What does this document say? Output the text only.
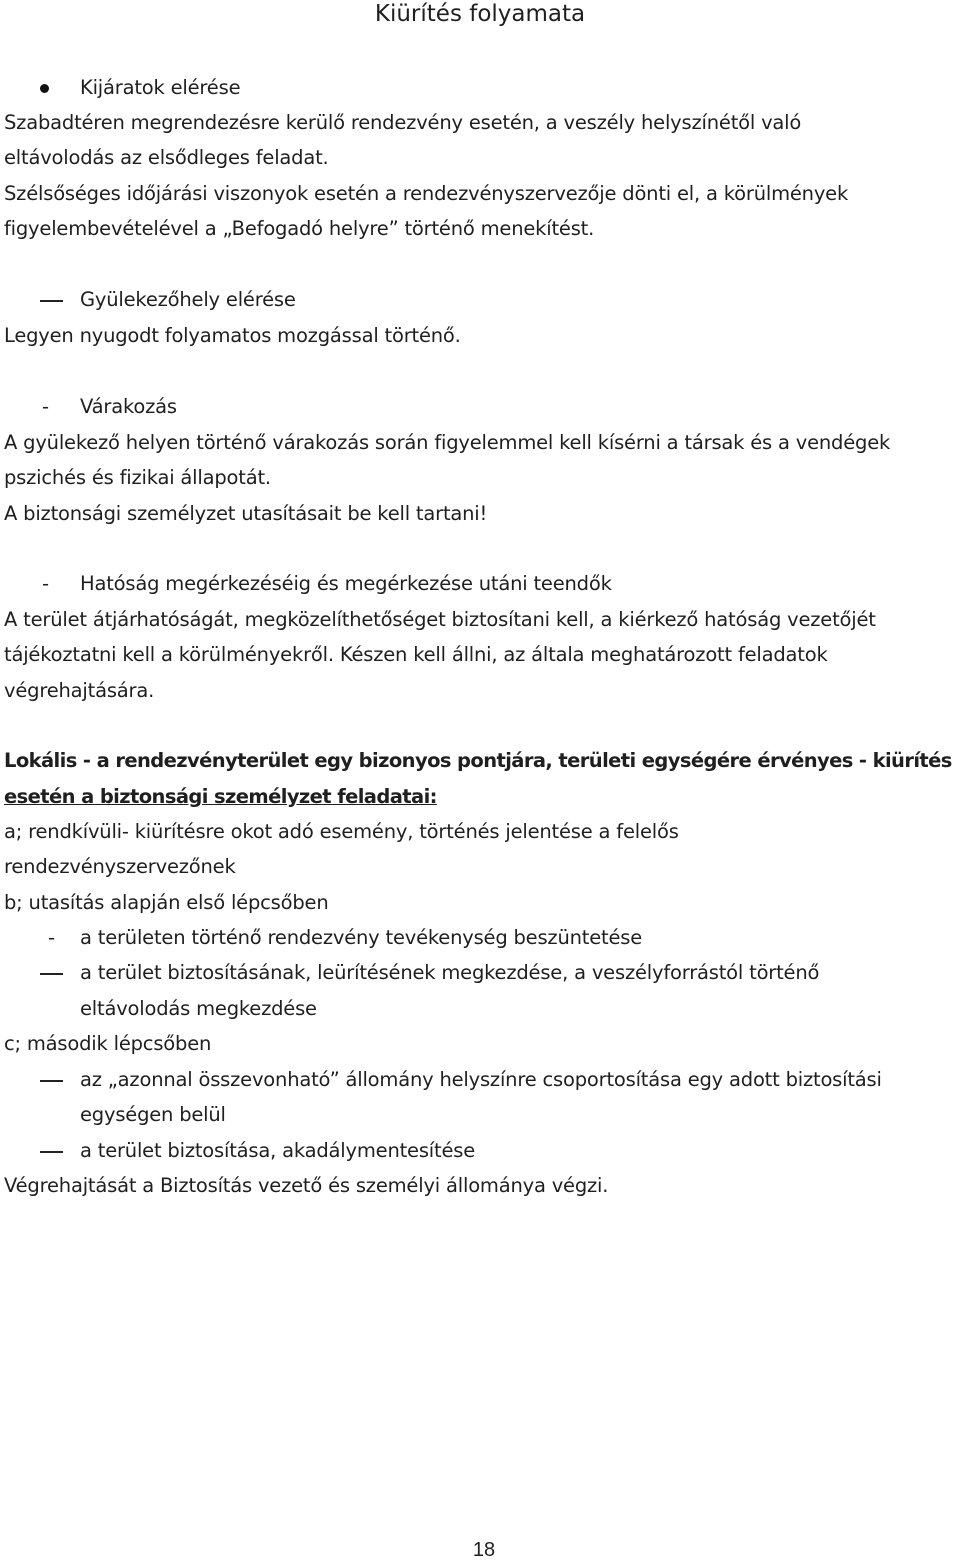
Kiürítés folyamata
Kijáratok elérése
Szabadtéren megrendezésre kerülő rendezvény esetén, a veszély helyszínétől való
eltávolodás az elsődleges feladat.
Szélsőséges időjárási viszonyok esetén a rendezvényszervezője dönti el, a körülmények
figyelembevételével a „Befogadó helyre” történő menekítést.
Gyülekezőhely elérése
Legyen nyugodt folyamatos mozgással történő.
- Várakozás
A gyülekező helyen történő várakozás során figyelemmel kell kísérni a társak és a vendégek
pszichés és fizikai állapotát.
A biztonsági személyzet utasításait be kell tartani!
- Hatóság megérkezéséig és megérkezése utáni teendők
A terület átjárhatóságát, megközelíthetőséget biztosítani kell, a kiérkező hatóság vezetőjét
tájékoztatni kell a körülményekről. Készen kell állni, az általa meghatározott feladatok
végrehajtására.
Lokális - a rendezvényterület egy bizonyos pontjára, területi egységére érvényes - kiürítés
esetén a biztonsági személyzet feladatai:
a; rendkívüli- kiürítésre okot adó esemény, történés jelentése a felelős
rendezvényszervezőnek
b; utasítás alapján első lépcsőben
- a területen történő rendezvény tevékenység beszüntetése
a terület biztosításának, leürítésének megkezdése, a veszélyforrástól történő
eltávolodás megkezdése
c; második lépcsőben
az „azonnal összevonható” állomány helyszínre csoportosítása egy adott biztosítási
egységen belül
a terület biztosítása, akadálymentesítése
Végrehajtását a Biztosítás vezető és személyi állománya végzi.
18
